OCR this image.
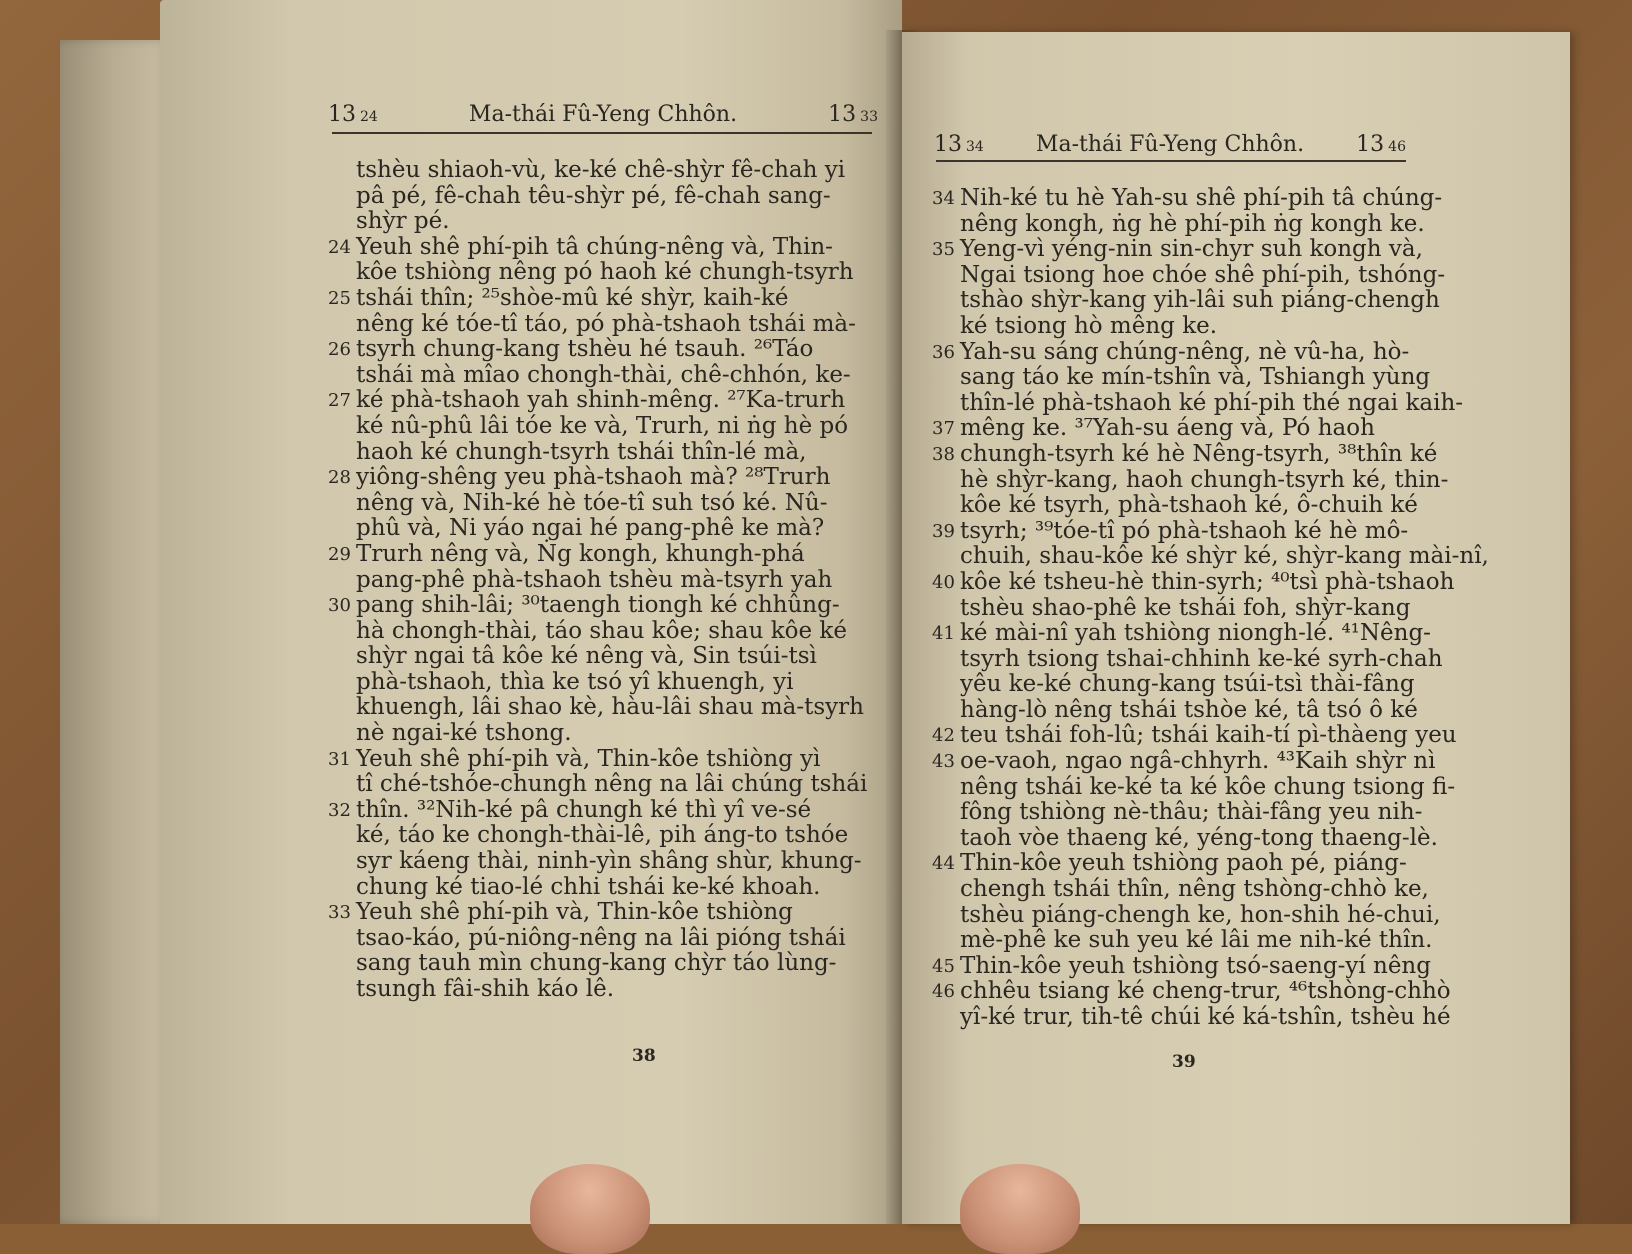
13 24	Ma-thái Fû-Yeng Chhôn.	13 33
tshèu shiaoh-vù, ke-ké chê-shỳr fê-chah yi
pâ pé, fê-chah têu-shỳr pé, fê-chah sang-
shỳr pé.
24 Yeuh shê phí-pih tâ chúng-nêng và, Thin-
kôe tshiòng nêng pó haoh ké chungh-tsyrh
25 tshái thîn; ²⁵shòe-mû ké shỳr, kaih-ké
nêng ké tóe-tî táo, pó phà-tshaoh tshái mà-
26 tsyrh chung-kang tshèu hé tsauh. ²⁶Táo
tshái mà mîao chongh-thài, chê-chhón, ke-
27 ké phà-tshaoh yah shinh-mêng. ²⁷Ka-trurh
ké nû-phû lâi tóe ke và, Trurh, ni ṅg hè pó
haoh ké chungh-tsyrh tshái thîn-lé mà,
28 yiông-shêng yeu phà-tshaoh mà? ²⁸Trurh
nêng và, Nih-ké hè tóe-tî suh tsó ké. Nû-
phû và, Ni yáo ngai hé pang-phê ke mà?
29 Trurh nêng và, Ṅg kongh, khungh-phá
pang-phê phà-tshaoh tshèu mà-tsyrh yah
30 pang shih-lâi; ³⁰taengh tiongh ké chhûng-
hà chongh-thài, táo shau kôe; shau kôe ké
shỳr ngai tâ kôe ké nêng và, Sin tsúi-tsì
phà-tshaoh, thìa ke tsó yî khuengh, yi
khuengh, lâi shao kè, hàu-lâi shau mà-tsyrh
nè ngai-ké tshong.
31 Yeuh shê phí-pih và, Thin-kôe tshiòng yì
tî ché-tshóe-chungh nêng na lâi chúng tshái
32 thîn. ³²Nih-ké pâ chungh ké thì yî ve-sé
ké, táo ke chongh-thài-lê, pih áng-to tshóe
syr káeng thài, ninh-yìn shâng shùr, khung-
chung ké tiao-lé chhi tshái ke-ké khoah.
33 Yeuh shê phí-pih và, Thin-kôe tshiòng
tsao-káo, pú-niông-nêng na lâi pióng tshái
sang tauh mìn chung-kang chỳr táo lùng-
tsungh fâi-shih káo lê.
38
13 34 Ma-thái Fû-Yeng Chhôn. 13 46
34 Nih-ké tu hè Yah-su shê phí-pih tâ chúng-
nêng kongh, ṅg hè phí-pih ṅg kongh ke.
35 Yeng-vì yéng-nin sin-chyr suh kongh và,
Ngai tsiong hoe chóe shê phí-pih, tshóng-
tshào shỳr-kang yih-lâi suh piáng-chengh
ké tsiong hò mêng ke.
36 Yah-su sáng chúng-nêng, nè vû-ha, hò-
sang táo ke mín-tshîn và, Tshiangh yùng
thîn-lé phà-tshaoh ké phí-pih thé ngai kaih-
37 mêng ke. ³⁷Yah-su áeng và, Pó haoh
38 chungh-tsyrh ké hè Nêng-tsyrh, ³⁸thîn ké
hè shỳr-kang, haoh chungh-tsyrh ké, thin-
kôe ké tsyrh, phà-tshaoh ké, ô-chuih ké
39 tsyrh; ³⁹tóe-tî pó phà-tshaoh ké hè mô-
chuih, shau-kôe ké shỳr ké, shỳr-kang mài-nî,
40 kôe ké tsheu-hè thin-syrh; ⁴⁰tsì phà-tshaoh
tshèu shao-phê ke tshái foh, shỳr-kang
41 ké mài-nî yah tshiòng niongh-lé. ⁴¹Nêng-
tsyrh tsiong tshai-chhinh ke-ké syrh-chah
yêu ke-ké chung-kang tsúi-tsì thài-fâng
hàng-lò nêng tshái tshòe ké, tâ tsó ô ké
42 teu tshái foh-lû; tshái kaih-tí pì-thàeng yeu
43 oe-vaoh, ngao ngâ-chhyrh. ⁴³Kaih shỳr nì
nêng tshái ke-ké ta ké kôe chung tsiong fi-
fông tshiòng nè-thâu; thài-fâng yeu nih-
taoh vòe thaeng ké, yéng-tong thaeng-lè.
44 Thin-kôe yeuh tshiòng paoh pé, piáng-
chengh tshái thîn, nêng tshòng-chhò ke,
tshèu piáng-chengh ke, hon-shih hé-chui,
mè-phê ke suh yeu ké lâi me nih-ké thîn.
45 Thin-kôe yeuh tshiòng tsó-saeng-yí nêng
46 chhêu tsiang ké cheng-trur, ⁴⁶tshòng-chhò
yî-ké trur, tih-tê chúi ké ká-tshîn, tshèu hé
39
